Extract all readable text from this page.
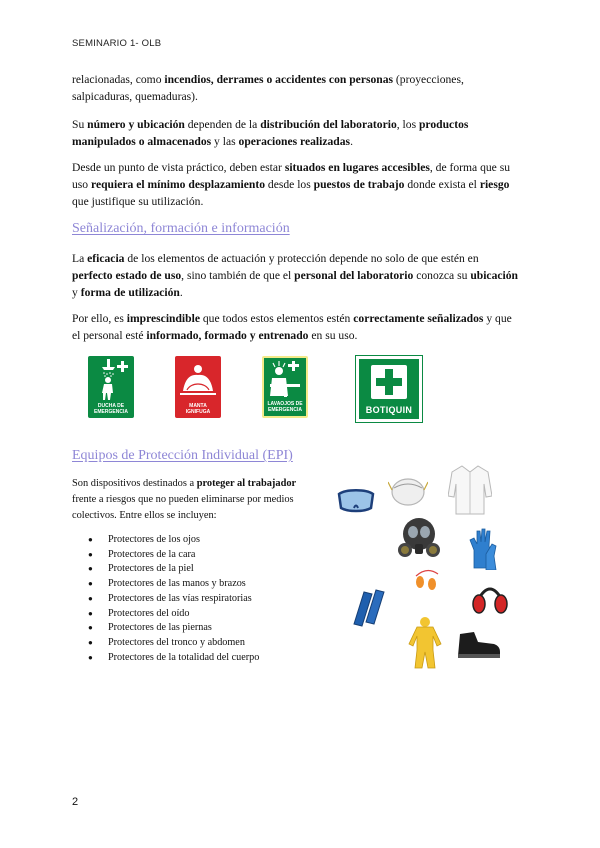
SEMINARIO 1- OLB

relacionadas, como incendios, derrames o accidentes con personas (proyecciones, salpicaduras, quemaduras).

Su número y ubicación dependen de la distribución del laboratorio, los productos manipulados o almacenados y las operaciones realizadas.

Desde un punto de vista práctico, deben estar situados en lugares accesibles, de forma que su uso requiera el mínimo desplazamiento desde los puestos de trabajo donde exista el riesgo que justifique su utilización.

Señalización, formación e información

La eficacia de los elementos de actuación y protección depende no solo de que estén en perfecto estado de uso, sino también de que el personal del laboratorio conozca su ubicación y forma de utilización.

Por ello, es imprescindible que todos estos elementos estén correctamente señalizados y que el personal esté informado, formado y entrenado en su uso.

DUCHA DE
EMERGENCIA
MANTA
IGNIFUGA
LAVAOJOS DE
EMERGENCIA	BOTIQUIN
Equipos de Protección Individual (EPI)

Son dispositivos destinados a proteger al trabajador frente a riesgos que no pueden eliminarse por medios colectivos. Entre ellos se incluyen:

● Protectores de los ojos
● Protectores de la cara
● Protectores de la piel
● Protectores de las manos y brazos
● Protectores de las vías respiratorias
● Protectores del oído
● Protectores de las piernas
● Protectores del tronco y abdomen
● Protectores de la totalidad del cuerpo
2
